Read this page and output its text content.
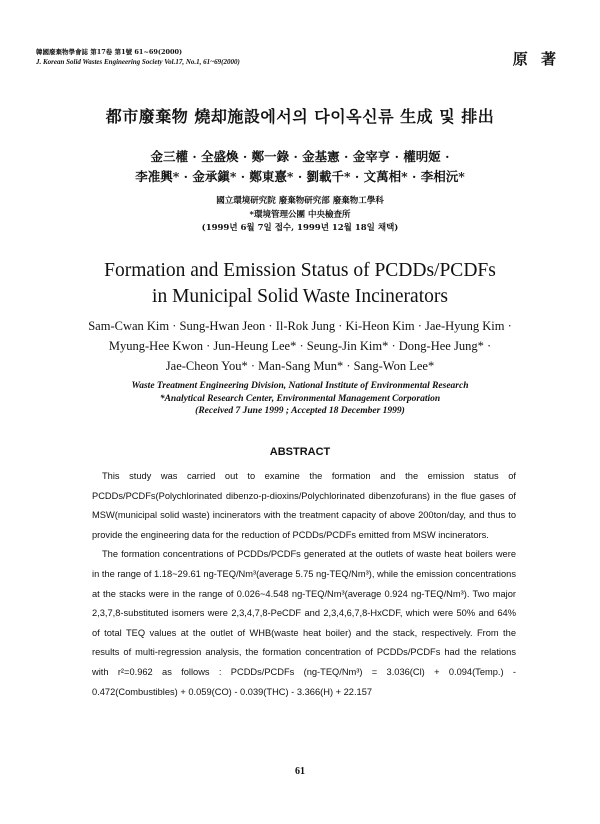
韓國廢棄物學會誌 第17卷 第1號 61~69(2000)
J. Korean Solid Wastes Engineering Society Vol.17, No.1, 61~69(2000)	原 著
都市廢棄物 燒却施設에서의 다이옥신류 生成 및 排出
金三權 · 全盛煥 · 鄭一錄 · 金基憲 · 金宰亨 · 權明姬 ·
李准興* · 金承鎭* · 鄭東憙* · 劉載千* · 文萬相* · 李相沅*
國立環境研究院 廢棄物研究部 廢棄物工學科
*環境管理公團 中央檢査所
(1999년 6월 7일 접수, 1999년 12월 18일 채택)
Formation and Emission Status of PCDDs/PCDFs
in Municipal Solid Waste Incinerators
Sam-Cwan Kim · Sung-Hwan Jeon · Il-Rok Jung · Ki-Heon Kim · Jae-Hyung Kim ·
Myung-Hee Kwon · Jun-Heung Lee* · Seung-Jin Kim* · Dong-Hee Jung* ·
Jae-Cheon You* · Man-Sang Mun* · Sang-Won Lee*
Waste Treatment Engineering Division, National Institute of Environmental Research
*Analytical Research Center, Environmental Management Corporation
(Received 7 June 1999 ; Accepted 18 December 1999)
ABSTRACT

This study was carried out to examine the formation and the emission status of PCDDs/PCDFs(Polychlorinated dibenzo-p-dioxins/Polychlorinated dibenzofurans) in the flue gases of MSW(municipal solid waste) incinerators with the treatment capacity of above 200ton/day, and thus to provide the engineering data for the reduction of PCDDs/PCDFs emitted from MSW incinerators.

The formation concentrations of PCDDs/PCDFs generated at the outlets of waste heat boilers were in the range of 1.18~29.61 ng-TEQ/Nm³(average 5.75 ng-TEQ/Nm³), while the emission concentrations at the stacks were in the range of 0.026~4.548 ng-TEQ/Nm³(average 0.924 ng-TEQ/Nm³). Two major 2,3,7,8-substituted isomers were 2,3,4,7,8-PeCDF and 2,3,4,6,7,8-HxCDF, which were 50% and 64% of total TEQ values at the outlet of WHB(waste heat boiler) and the stack, respectively. From the results of multi-regression analysis, the formation concentration of PCDDs/PCDFs had the relations with r²=0.962 as follows : PCDDs/PCDFs (ng-TEQ/Nm³) = 3.036(Cl) + 0.094(Temp.) - 0.472(Combustibles) + 0.059(CO) - 0.039(THC) - 3.366(H) + 22.157

61
